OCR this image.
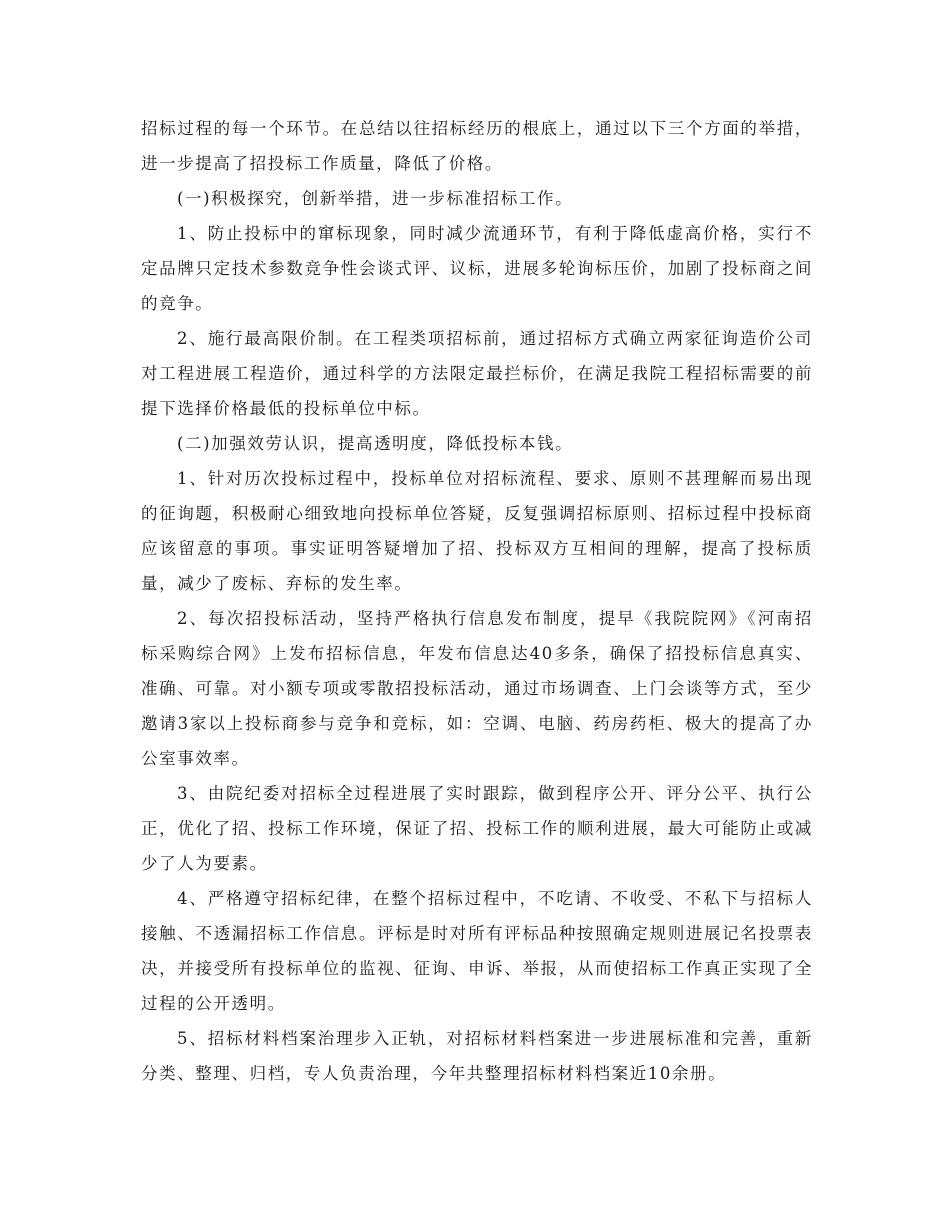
招标过程的每一个环节。在总结以往招标经历的根底上，通过以下三个方面的举措，进一步提高了招投标工作质量，降低了价格。

(一)积极探究，创新举措，进一步标准招标工作。

1、防止投标中的窜标现象，同时减少流通环节，有利于降低虚高价格，实行不定品牌只定技术参数竞争性会谈式评、议标，进展多轮询标压价，加剧了投标商之间的竞争。

2、施行最高限价制。在工程类项招标前，通过招标方式确立两家征询造价公司对工程进展工程造价，通过科学的方法限定最拦标价，在满足我院工程招标需要的前提下选择价格最低的投标单位中标。

(二)加强效劳认识，提高透明度，降低投标本钱。

1、针对历次投标过程中，投标单位对招标流程、要求、原则不甚理解而易出现的征询题，积极耐心细致地向投标单位答疑，反复强调招标原则、招标过程中投标商应该留意的事项。事实证明答疑增加了招、投标双方互相间的理解，提高了投标质量，减少了废标、弃标的发生率。

2、每次招投标活动，坚持严格执行信息发布制度，提早《我院院网》《河南招标采购综合网》上发布招标信息，年发布信息达40多条，确保了招投标信息真实、准确、可靠。对小额专项或零散招投标活动，通过市场调查、上门会谈等方式，至少邀请3家以上投标商参与竞争和竞标，如：空调、电脑、药房药柜、极大的提高了办公室事效率。

3、由院纪委对招标全过程进展了实时跟踪，做到程序公开、评分公平、执行公正，优化了招、投标工作环境，保证了招、投标工作的顺利进展，最大可能防止或减少了人为要素。

4、严格遵守招标纪律，在整个招标过程中，不吃请、不收受、不私下与招标人接触、不透漏招标工作信息。评标是时对所有评标品种按照确定规则进展记名投票表决，并接受所有投标单位的监视、征询、申诉、举报，从而使招标工作真正实现了全过程的公开透明。

5、招标材料档案治理步入正轨，对招标材料档案进一步进展标准和完善，重新分类、整理、归档，专人负责治理，今年共整理招标材料档案近10余册。
